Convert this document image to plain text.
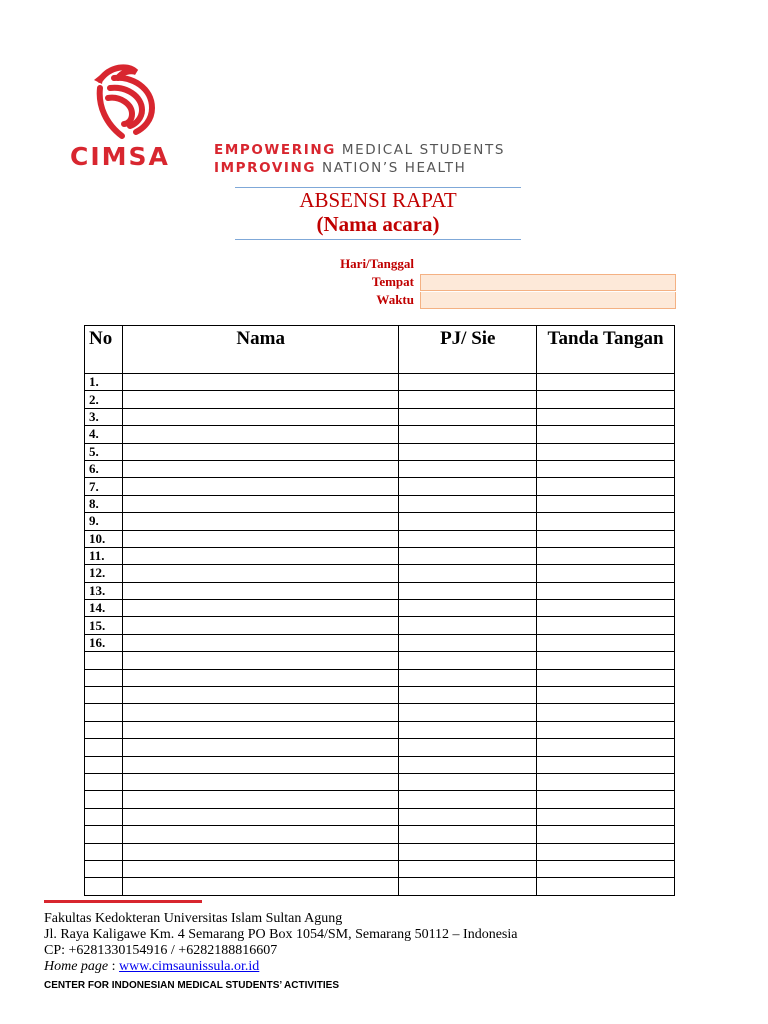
CIMSA	EMPOWERING MEDICAL STUDENTS
IMPROVING NATION’S HEALTH
ABSENSI RAPAT
(Nama acara)
Hari/Tanggal
Tempat
Waktu
No	Nama	PJ/ Sie	Tanda Tangan
1.			
2.			
3.			
4.			
5.			
6.			
7.			
8.			
9.			
10.			
11.			
12.			
13.			
14.			
15.			
16.			

Fakultas Kedokteran Universitas Islam Sultan Agung
Jl. Raya Kaligawe Km. 4 Semarang PO Box 1054/SM, Semarang 50112 – Indonesia
CP: +6281330154916 / +6282188816607
Home page : www.cimsaunissula.or.id
CENTER FOR INDONESIAN MEDICAL STUDENTS’ ACTIVITIES
